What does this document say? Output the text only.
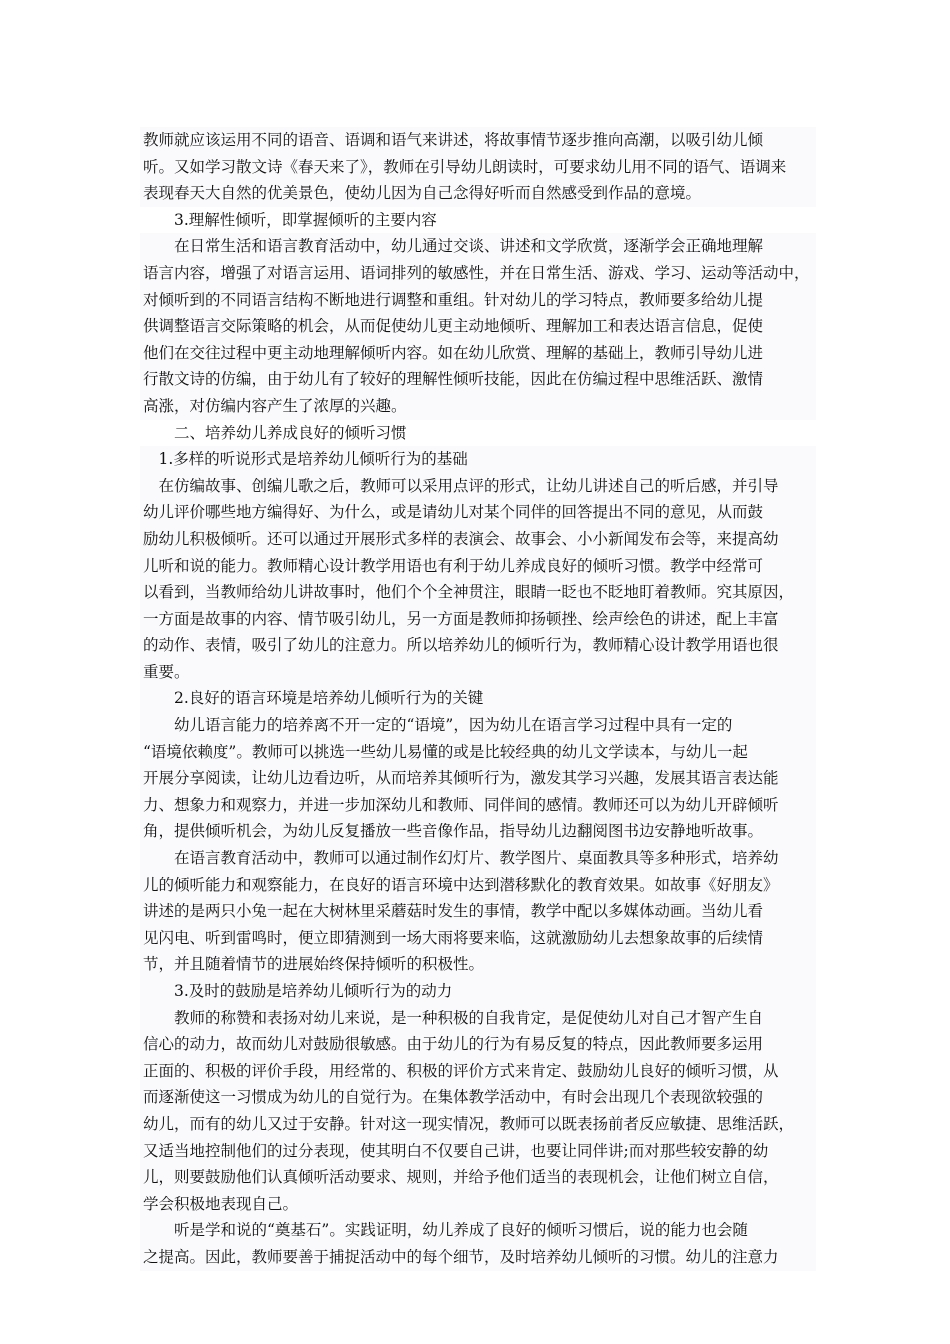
教师就应该运用不同的语音、语调和语气来讲述，将故事情节逐步推向高潮，以吸引幼儿倾
听。又如学习散文诗《春天来了》，教师在引导幼儿朗读时，可要求幼儿用不同的语气、语调来
表现春天大自然的优美景色，使幼儿因为自己念得好听而自然感受到作品的意境。
　　3.理解性倾听，即掌握倾听的主要内容
　　在日常生活和语言教育活动中，幼儿通过交谈、讲述和文学欣赏，逐渐学会正确地理解
语言内容，增强了对语言运用、语词排列的敏感性，并在日常生活、游戏、学习、运动等活动中，
对倾听到的不同语言结构不断地进行调整和重组。针对幼儿的学习特点，教师要多给幼儿提
供调整语言交际策略的机会，从而促使幼儿更主动地倾听、理解加工和表达语言信息，促使
他们在交往过程中更主动地理解倾听内容。如在幼儿欣赏、理解的基础上，教师引导幼儿进
行散文诗的仿编，由于幼儿有了较好的理解性倾听技能，因此在仿编过程中思维活跃、激情
高涨，对仿编内容产生了浓厚的兴趣。
　　二、培养幼儿养成良好的倾听习惯
　1.多样的听说形式是培养幼儿倾听行为的基础
　在仿编故事、创编儿歌之后，教师可以采用点评的形式，让幼儿讲述自己的听后感，并引导
幼儿评价哪些地方编得好、为什么，或是请幼儿对某个同伴的回答提出不同的意见，从而鼓
励幼儿积极倾听。还可以通过开展形式多样的表演会、故事会、小小新闻发布会等，来提高幼
儿听和说的能力。教师精心设计教学用语也有利于幼儿养成良好的倾听习惯。教学中经常可
以看到，当教师给幼儿讲故事时，他们个个全神贯注，眼睛一眨也不眨地盯着教师。究其原因，
一方面是故事的内容、情节吸引幼儿，另一方面是教师抑扬顿挫、绘声绘色的讲述，配上丰富
的动作、表情，吸引了幼儿的注意力。所以培养幼儿的倾听行为，教师精心设计教学用语也很
重要。
　　2.良好的语言环境是培养幼儿倾听行为的关键
　　幼儿语言能力的培养离不开一定的“语境”，因为幼儿在语言学习过程中具有一定的
“语境依赖度”。教师可以挑选一些幼儿易懂的或是比较经典的幼儿文学读本，与幼儿一起
开展分享阅读，让幼儿边看边听，从而培养其倾听行为，激发其学习兴趣，发展其语言表达能
力、想象力和观察力，并进一步加深幼儿和教师、同伴间的感情。教师还可以为幼儿开辟倾听
角，提供倾听机会，为幼儿反复播放一些音像作品，指导幼儿边翻阅图书边安静地听故事。
　　在语言教育活动中，教师可以通过制作幻灯片、教学图片、桌面教具等多种形式，培养幼
儿的倾听能力和观察能力，在良好的语言环境中达到潜移默化的教育效果。如故事《好朋友》
讲述的是两只小兔一起在大树林里采蘑菇时发生的事情，教学中配以多媒体动画。当幼儿看
见闪电、听到雷鸣时，便立即猜测到一场大雨将要来临，这就激励幼儿去想象故事的后续情
节，并且随着情节的进展始终保持倾听的积极性。
　　3.及时的鼓励是培养幼儿倾听行为的动力
　　教师的称赞和表扬对幼儿来说，是一种积极的自我肯定，是促使幼儿对自己才智产生自
信心的动力，故而幼儿对鼓励很敏感。由于幼儿的行为有易反复的特点，因此教师要多运用
正面的、积极的评价手段，用经常的、积极的评价方式来肯定、鼓励幼儿良好的倾听习惯，从
而逐渐使这一习惯成为幼儿的自觉行为。在集体教学活动中，有时会出现几个表现欲较强的
幼儿，而有的幼儿又过于安静。针对这一现实情况，教师可以既表扬前者反应敏捷、思维活跃，
又适当地控制他们的过分表现，使其明白不仅要自己讲，也要让同伴讲;而对那些较安静的幼
儿，则要鼓励他们认真倾听活动要求、规则，并给予他们适当的表现机会，让他们树立自信，
学会积极地表现自己。
　　听是学和说的“奠基石”。实践证明，幼儿养成了良好的倾听习惯后，说的能力也会随
之提高。因此，教师要善于捕捉活动中的每个细节，及时培养幼儿倾听的习惯。幼儿的注意力
